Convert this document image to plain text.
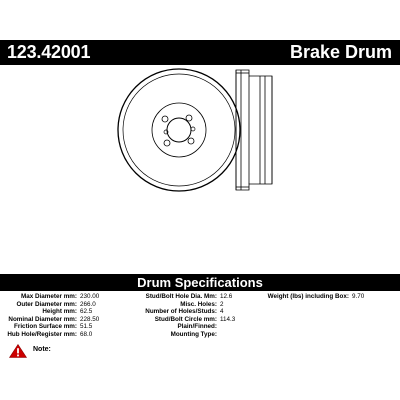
123.42001	Brake Drum
Drum Specifications
Max Diameter mm: 230.00
Outer Diameter mm: 266.0
Height mm: 62.5
Nominal Diameter mm: 228.50
Friction Surface mm: 51.5
Hub Hole/Register mm: 68.0
Stud/Bolt Hole Dia. Mm: 12.6
Misc. Holes: 2
Number of Holes/Studs: 4
Stud/Bolt Circle mm: 114.3
Plain/Finned:
Mounting Type:
Weight (lbs) including Box: 9.70
Note:
